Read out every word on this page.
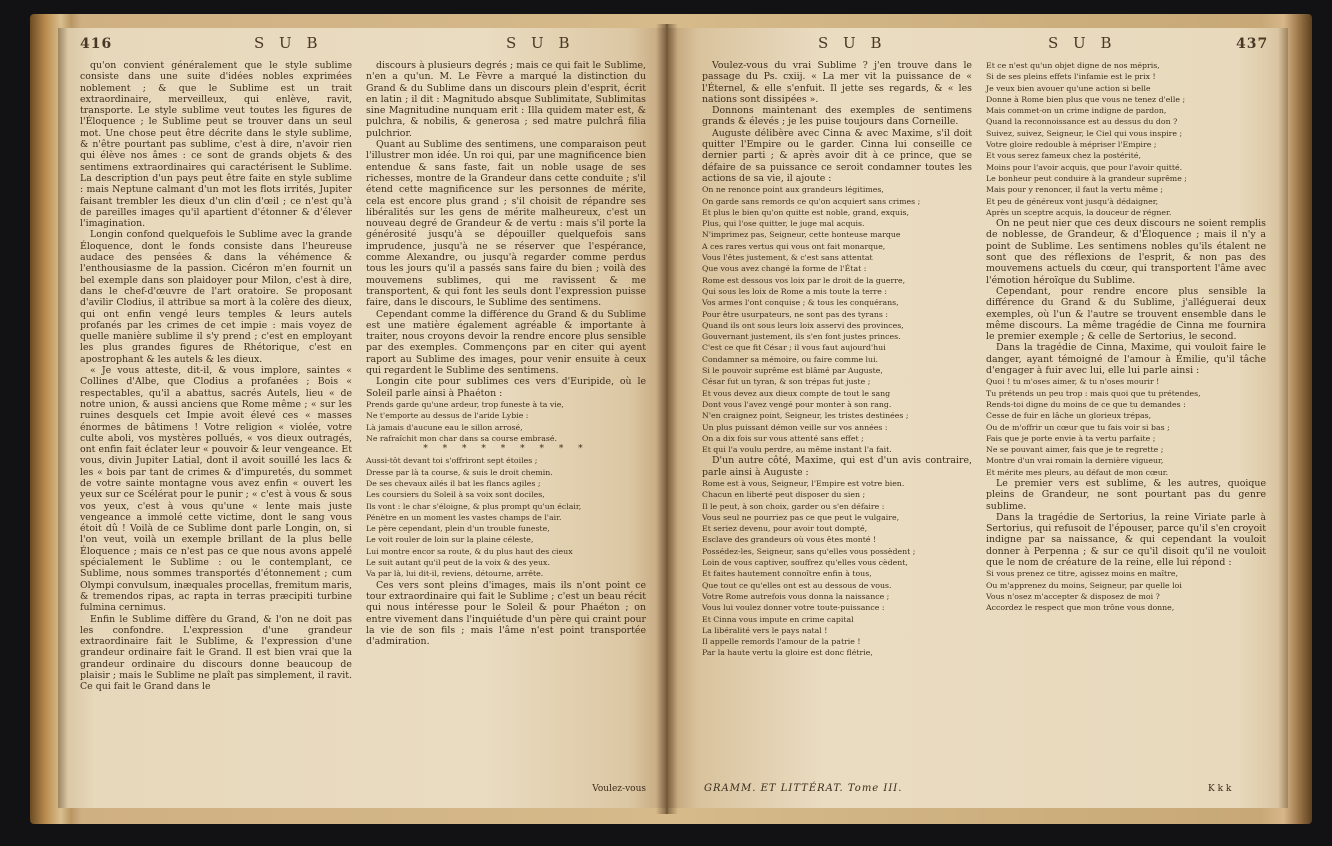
416	S U B	S U B

qu'on convient généralement que le style sublime consiste dans une suite d'idées nobles exprimées noblement ; & que le Sublime est un trait extraordinaire, merveilleux, qui enlève, ravit, transporte. Le style sublime veut toutes les figures de l'Éloquence ; le Sublime peut se trouver dans un seul mot. Une chose peut être décrite dans le style sublime, & n'être pourtant pas sublime, c'est à dire, n'avoir rien qui élève nos âmes : ce sont de grands objets & des sentimens extraordinaires qui caractérisent le Sublime. La description d'un pays peut être faite en style sublime : mais Neptune calmant d'un mot les flots irrités, Jupiter faisant trembler les dieux d'un clin d'œil ; ce n'est qu'à de pareilles images qu'il apartient d'étonner & d'élever l'imagination.

Longin confond quelquefois le Sublime avec la grande Éloquence, dont le fonds consiste dans l'heureuse audace des pensées & dans la véhémence & l'enthousiasme de la passion. Cicéron m'en fournit un bel exemple dans son plaidoyer pour Milon, c'est à dire, dans le chef-d'œuvre de l'art oratoire. Se proposant d'avilir Clodius, il attribue sa mort à la colère des dieux, qui ont enfin vengé leurs temples & leurs autels profanés par les crimes de cet impie : mais voyez de quelle manière sublime il s'y prend ; c'est en employant les plus grandes figures de Rhétorique, c'est en apostrophant & les autels & les dieux.

« Je vous atteste, dit-il, & vous implore, saintes « Collines d'Albe, que Clodius a profanées ; Bois « respectables, qu'il a abattus, sacrés Autels, lieu « de notre union, & aussi anciens que Rome même ; « sur les ruines desquels cet Impie avoit élevé ces « masses énormes de bâtimens ! Votre religion « violée, votre culte aboli, vos mystères pollués, « vos dieux outragés, ont enfin fait éclater leur « pouvoir & leur vengeance. Et vous, divin Jupiter Latial, dont il avoit souillé les lacs & les « bois par tant de crimes & d'impuretés, du sommet de votre sainte montagne vous avez enfin « ouvert les yeux sur ce Scélérat pour le punir ; « c'est à vous & sous vos yeux, c'est à vous qu'une « lente mais juste vengeance a immolé cette victime, dont le sang vous étoit dû ! Voilà de ce Sublime dont parle Longin, on, si l'on veut, voilà un exemple brillant de la plus belle Éloquence ; mais ce n'est pas ce que nous avons appelé spécialement le Sublime : ou le contemplant, ce Sublime, nous sommes transportés d'étonnement ; cum Olympi convulsum, inæquales procellas, fremitum maris, & tremendos ripas, ac rapta in terras præcipiti turbine fulmina cernimus.

Enfin le Sublime diffère du Grand, & l'on ne doit pas les confondre. L'expression d'une grandeur extraordinaire fait le Sublime, & l'expression d'une grandeur ordinaire fait le Grand. Il est bien vrai que la grandeur ordinaire du discours donne beaucoup de plaisir ; mais le Sublime ne plaît pas simplement, il ravit. Ce qui fait le Grand dans le

discours à plusieurs degrés ; mais ce qui fait le Sublime, n'en a qu'un. M. Le Fèvre a marqué la distinction du Grand & du Sublime dans un discours plein d'esprit, écrit en latin ; il dit : Magnitudo absque Sublimitate, Sublimitas sine Magnitudine nunquam erit : Illa quidem mater est, & pulchra, & nobilis, & generosa ; sed matre pulchrâ filia pulchrior.

Quant au Sublime des sentimens, une comparaison peut l'illustrer mon idée. Un roi qui, par une magnificence bien entendue & sans faste, fait un noble usage de ses richesses, montre de la Grandeur dans cette conduite ; s'il étend cette magnificence sur les personnes de mérite, cela est encore plus grand ; s'il choisit de répandre ses libéralités sur les gens de mérite malheureux, c'est un nouveau degré de Grandeur & de vertu : mais s'il porte la générosité jusqu'à se dépouiller quelquefois sans imprudence, jusqu'à ne se réserver que l'espérance, comme Alexandre, ou jusqu'à regarder comme perdus tous les jours qu'il a passés sans faire du bien ; voilà des mouvemens sublimes, qui me ravissent & me transportent, & qui font les seuls dont l'expression puisse faire, dans le discours, le Sublime des sentimens.

Cependant comme la différence du Grand & du Sublime est une matière également agréable & importante à traiter, nous croyons devoir la rendre encore plus sensible par des exemples. Commençons par en citer qui ayent raport au Sublime des images, pour venir ensuite à ceux qui regardent le Sublime des sentimens.

Longin cite pour sublimes ces vers d'Euripide, où le Soleil parle ainsi à Phaéton :

Prends garde qu'une ardeur, trop funeste à ta vie,

Ne t'emporte au dessus de l'aride Lybie :

Là jamais d'aucune eau le sillon arrosé,

Ne rafraîchit mon char dans sa course embrasé.

* * * * * * * * *

Aussi-tôt devant toi s'offriront sept étoiles ;

Dresse par là ta course, & suis le droit chemin.

De ses chevaux ailés il bat les flancs agiles ;

Les coursiers du Soleil à sa voix sont dociles,

Ils vont : le char s'éloigne, & plus prompt qu'un éclair,

Pénètre en un moment les vastes champs de l'air.

Le père cependant, plein d'un trouble funeste,

Le voit rouler de loin sur la plaine céleste,

Lui montre encor sa route, & du plus haut des cieux

Le suit autant qu'il peut de la voix & des yeux.

Va par là, lui dit-il, reviens, détourne, arrête.

Ces vers sont pleins d'images, mais ils n'ont point ce tour extraordinaire qui fait le Sublime ; c'est un beau récit qui nous intéresse pour le Soleil & pour Phaéton ; on entre vivement dans l'inquiétude d'un père qui craint pour la vie de son fils ; mais l'âme n'est point transportée d'admiration.

Voulez-vous
S U B	S U B	437

Voulez-vous du vrai Sublime ? j'en trouve dans le passage du Ps. cxiij. « La mer vit la puissance de « l'Éternel, & elle s'enfuit. Il jette ses regards, & « les nations sont dissipées ».

Donnons maintenant des exemples de sentimens grands & élevés ; je les puise toujours dans Corneille.

Auguste délibère avec Cinna & avec Maxime, s'il doit quitter l'Empire ou le garder. Cinna lui conseille ce dernier parti ; & après avoir dit à ce prince, que se défaire de sa puissance ce seroit condamner toutes les actions de sa vie, il ajoute :

On ne renonce point aux grandeurs légitimes,

On garde sans remords ce qu'on acquiert sans crimes ;

Et plus le bien qu'on quitte est noble, grand, exquis,

Plus, qui l'ose quitter, le juge mal acquis.

N'imprimez pas, Seigneur, cette honteuse marque

A ces rares vertus qui vous ont fait monarque,

Vous l'êtes justement, & c'est sans attentat

Que vous avez changé la forme de l'État :

Rome est dessous vos loix par le droit de la guerre,

Qui sous les loix de Rome a mis toute la terre :

Vos armes l'ont conquise ; & tous les conquérans,

Pour être usurpateurs, ne sont pas des tyrans :

Quand ils ont sous leurs loix asservi des provinces,

Gouvernant justement, ils s'en font justes princes.

C'est ce que fit César ; il vous faut aujourd'hui

Condamner sa mémoire, ou faire comme lui.

Si le pouvoir suprême est blâmé par Auguste,

César fut un tyran, & son trépas fut juste ;

Et vous devez aux dieux compte de tout le sang

Dont vous l'avez vengé pour monter à son rang.

N'en craignez point, Seigneur, les tristes destinées ;

Un plus puissant démon veille sur vos années :

On a dix fois sur vous attenté sans effet ;

Et qui l'a voulu perdre, au même instant l'a fait.

D'un autre côté, Maxime, qui est d'un avis contraire, parle ainsi à Auguste :

Rome est à vous, Seigneur, l'Empire est votre bien.

Chacun en liberté peut disposer du sien ;

Il le peut, à son choix, garder ou s'en défaire :

Vous seul ne pourriez pas ce que peut le vulgaire,

Et seriez devenu, pour avoir tout dompté,

Esclave des grandeurs où vous êtes monté !

Possédez-les, Seigneur, sans qu'elles vous possèdent ;

Loin de vous captiver, souffrez qu'elles vous cèdent,

Et faites hautement connoître enfin à tous,

Que tout ce qu'elles ont est au dessous de vous.

Votre Rome autrefois vous donna la naissance ;

Vous lui voulez donner votre toute-puissance :

Et Cinna vous impute en crime capital

La libéralité vers le pays natal !

Il appelle remords l'amour de la patrie !

Par la haute vertu la gloire est donc flétrie,

Et ce n'est qu'un objet digne de nos mépris,

Si de ses pleins effets l'infamie est le prix !

Je veux bien avouer qu'une action si belle

Donne à Rome bien plus que vous ne tenez d'elle ;

Mais commet-on un crime indigne de pardon,

Quand la reconnoissance est au dessus du don ?

Suivez, suivez, Seigneur, le Ciel qui vous inspire ;

Votre gloire redouble à mépriser l'Empire ;

Et vous serez fameux chez la postérité,

Moins pour l'avoir acquis, que pour l'avoir quitté.

Le bonheur peut conduire à la grandeur suprême ;

Mais pour y renoncer, il faut la vertu même ;

Et peu de généreux vont jusqu'à dédaigner,

Après un sceptre acquis, la douceur de régner.

On ne peut nier que ces deux discours ne soient remplis de noblesse, de Grandeur, & d'Éloquence ; mais il n'y a point de Sublime. Les sentimens nobles qu'ils étalent ne sont que des réflexions de l'esprit, & non pas des mouvemens actuels du cœur, qui transportent l'âme avec l'émotion héroïque du Sublime.

Cependant, pour rendre encore plus sensible la différence du Grand & du Sublime, j'alléguerai deux exemples, où l'un & l'autre se trouvent ensemble dans le même discours. La même tragédie de Cinna me fournira le premier exemple ; & celle de Sertorius, le second.

Dans la tragédie de Cinna, Maxime, qui vouloit faire le danger, ayant témoigné de l'amour à Émilie, qu'il tâche d'engager à fuir avec lui, elle lui parle ainsi :

Quoi ! tu m'oses aimer, & tu n'oses mourir !

Tu prétends un peu trop : mais quoi que tu prétendes,

Rends-toi digne du moins de ce que tu demandes :

Cesse de fuir en lâche un glorieux trépas,

Ou de m'offrir un cœur que tu fais voir si bas ;

Fais que je porte envie à ta vertu parfaite ;

Ne se pouvant aimer, fais que je te regrette ;

Montre d'un vrai romain la dernière vigueur,

Et mérite mes pleurs, au défaut de mon cœur.

Le premier vers est sublime, & les autres, quoique pleins de Grandeur, ne sont pourtant pas du genre sublime.

Dans la tragédie de Sertorius, la reine Viriate parle à Sertorius, qui refusoit de l'épouser, parce qu'il s'en croyoit indigne par sa naissance, & qui cependant la vouloit donner à Perpenna ; & sur ce qu'il disoit qu'il ne vouloit que le nom de créature de la reine, elle lui répond :

Si vous prenez ce titre, agissez moins en maître,

Ou m'apprenez du moins, Seigneur, par quelle loi

Vous n'osez m'accepter & disposez de moi ?

Accordez le respect que mon trône vous donne,

GRAMM. ET LITTÉRAT. Tome III.	K k k
